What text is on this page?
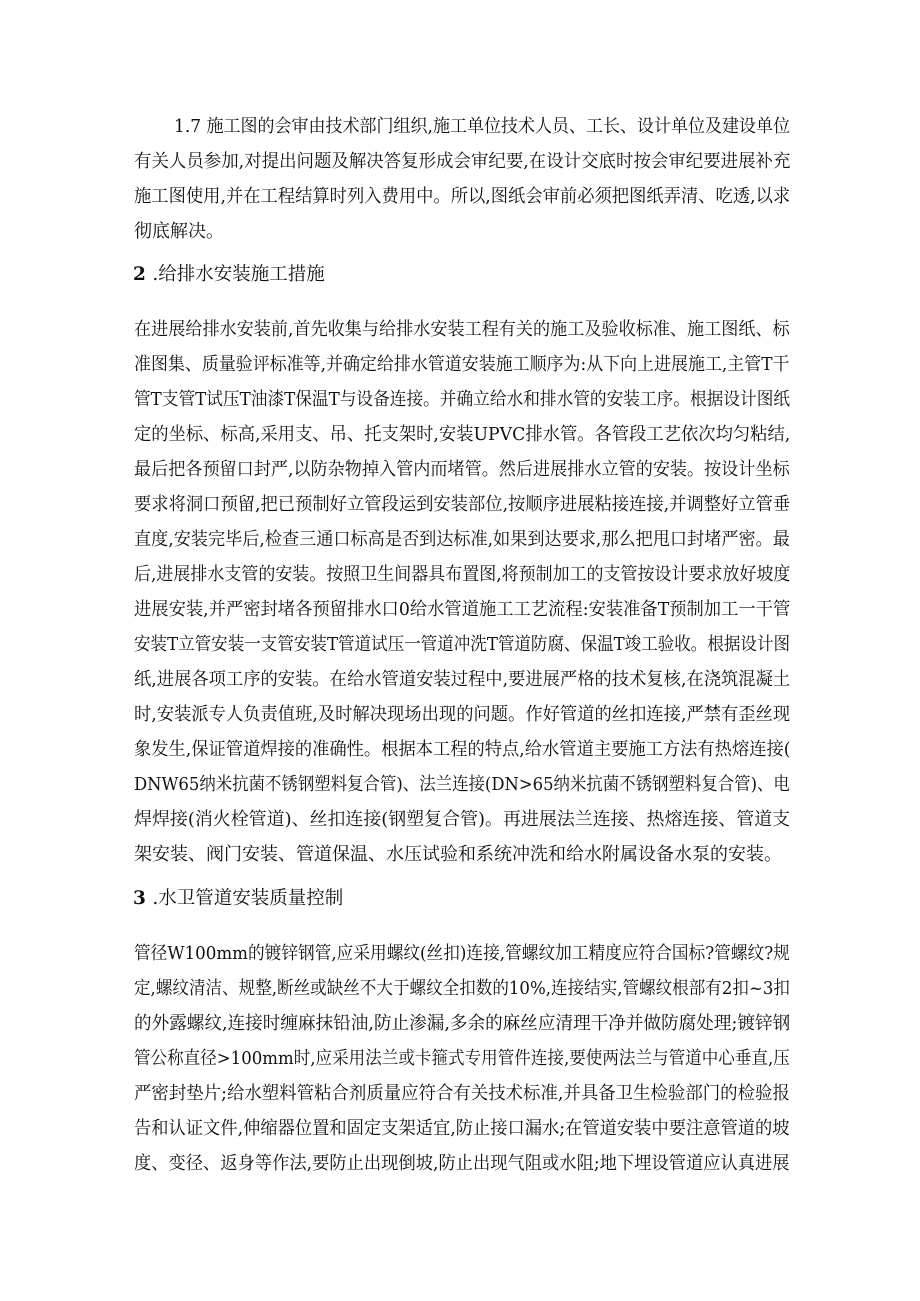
1.7 施工图的会审由技术部门组织,施工单位技术人员、工长、设计单位及建设单位
有关人员参加,对提出问题及解决答复形成会审纪要,在设计交底时按会审纪要进展补充
施工图使用,并在工程结算时列入费用中。所以,图纸会审前必须把图纸弄清、吃透,以求
彻底解决。
2 .给排水安装施工措施
在进展给排水安装前,首先收集与给排水安装工程有关的施工及验收标准、施工图纸、标
准图集、质量验评标准等,并确定给排水管道安装施工顺序为:从下向上进展施工,主管T干
管T支管T试压T油漆T保温T与设备连接。并确立给水和排水管的安装工序。根据设计图纸
定的坐标、标高,采用支、吊、托支架时,安装UPVC排水管。各管段工艺依次均匀粘结,
最后把各预留口封严,以防杂物掉入管内而堵管。然后进展排水立管的安装。按设计坐标
要求将洞口预留,把已预制好立管段运到安装部位,按顺序进展粘接连接,并调整好立管垂
直度,安装完毕后,检查三通口标高是否到达标准,如果到达要求,那么把甩口封堵严密。最
后,进展排水支管的安装。按照卫生间器具布置图,将预制加工的支管按设计要求放好坡度
进展安装,并严密封堵各预留排水口0给水管道施工工艺流程:安装准备T预制加工一干管
安装T立管安装一支管安装T管道试压一管道冲洗T管道防腐、保温T竣工验收。根据设计图
纸,进展各项工序的安装。在给水管道安装过程中,要进展严格的技术复核,在浇筑混凝土
时,安装派专人负责值班,及时解决现场出现的问题。作好管道的丝扣连接,严禁有歪丝现
象发生,保证管道焊接的准确性。根据本工程的特点,给水管道主要施工方法有热熔连接(
DNW65纳米抗菌不锈钢塑料复合管)、法兰连接(DN>65纳米抗菌不锈钢塑料复合管)、电
焊焊接(消火栓管道)、丝扣连接(钢塑复合管)。再进展法兰连接、热熔连接、管道支
架安装、阀门安装、管道保温、水压试验和系统冲洗和给水附属设备水泵的安装。
3 .水卫管道安装质量控制
管径W100mm的镀锌钢管,应采用螺纹(丝扣)连接,管螺纹加工精度应符合国标?管螺纹?规
定,螺纹清洁、规整,断丝或缺丝不大于螺纹全扣数的10%,连接结实,管螺纹根部有2扣~3扣
的外露螺纹,连接时缠麻抹铅油,防止渗漏,多余的麻丝应清理干净并做防腐处理;镀锌钢
管公称直径>100mm时,应采用法兰或卡箍式专用管件连接,要使两法兰与管道中心垂直,压
严密封垫片;给水塑料管粘合剂质量应符合有关技术标准,并具备卫生检验部门的检验报
告和认证文件,伸缩器位置和固定支架适宜,防止接口漏水;在管道安装中要注意管道的坡
度、变径、返身等作法,要防止出现倒坡,防止出现气阻或水阻;地下埋设管道应认真进展
